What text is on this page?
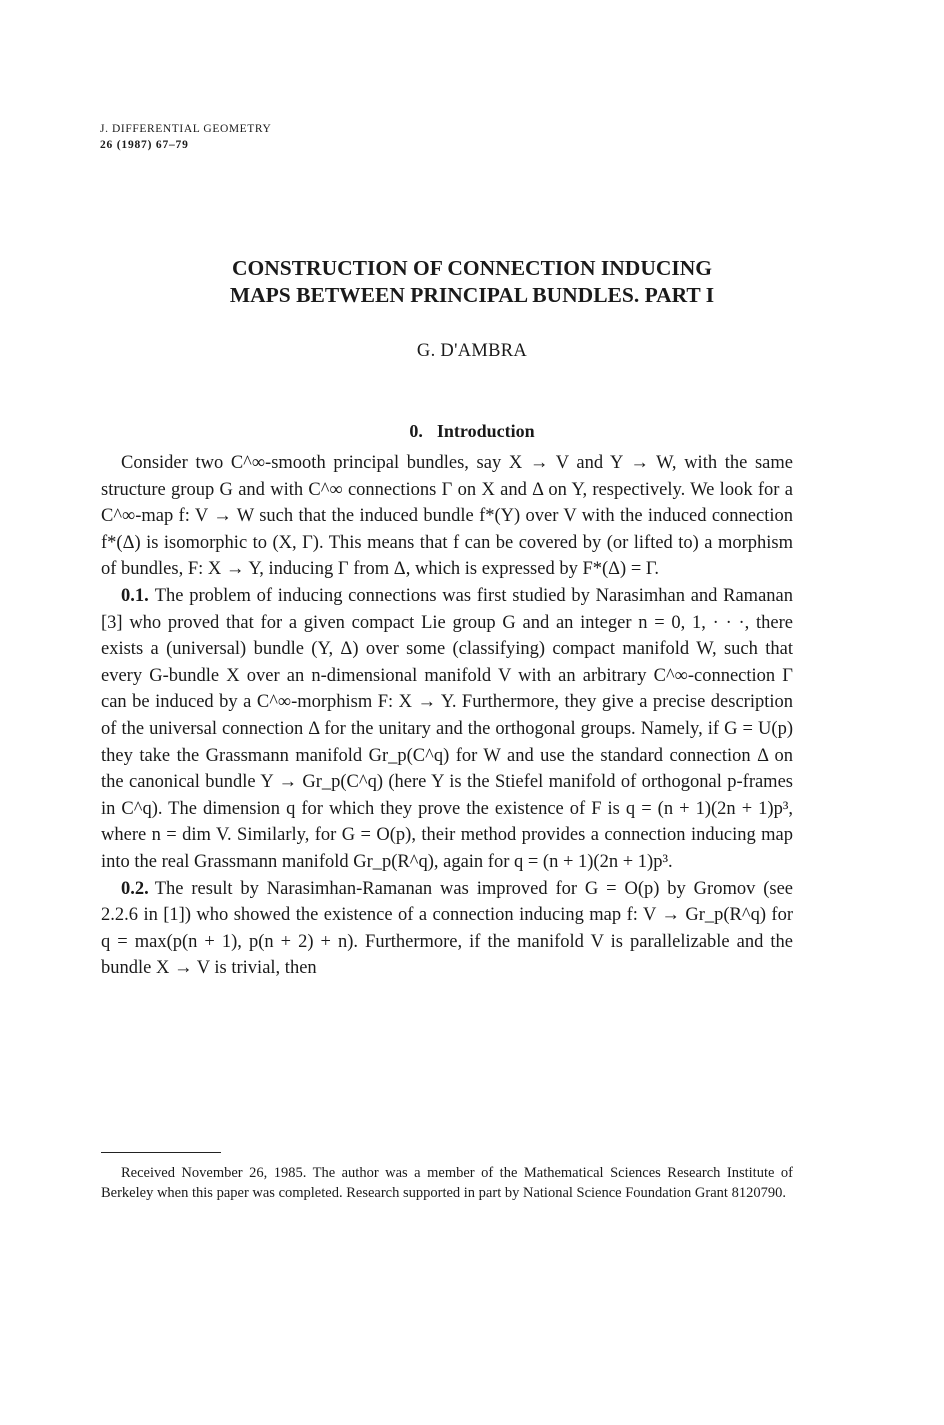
J. DIFFERENTIAL GEOMETRY
26 (1987) 67–79
CONSTRUCTION OF CONNECTION INDUCING
MAPS BETWEEN PRINCIPAL BUNDLES. PART I
G. D'AMBRA
0. Introduction

Consider two C^∞-smooth principal bundles, say X → V and Y → W, with the same structure group G and with C^∞ connections Γ on X and Δ on Y, respectively. We look for a C^∞-map f: V → W such that the induced bundle f*(Y) over V with the induced connection f*(Δ) is isomorphic to (X, Γ). This means that f can be covered by (or lifted to) a morphism of bundles, F: X → Y, inducing Γ from Δ, which is expressed by F*(Δ) = Γ.

0.1. The problem of inducing connections was first studied by Narasimhan and Ramanan [3] who proved that for a given compact Lie group G and an integer n = 0, 1, · · ·, there exists a (universal) bundle (Y, Δ) over some (classifying) compact manifold W, such that every G-bundle X over an n-dimensional manifold V with an arbitrary C^∞-connection Γ can be induced by a C^∞-morphism F: X → Y. Furthermore, they give a precise description of the universal connection Δ for the unitary and the orthogonal groups. Namely, if G = U(p) they take the Grassmann manifold Gr_p(C^q) for W and use the standard connection Δ on the canonical bundle Y → Gr_p(C^q) (here Y is the Stiefel manifold of orthogonal p-frames in C^q). The dimension q for which they prove the existence of F is q = (n + 1)(2n + 1)p³, where n = dim V. Similarly, for G = O(p), their method provides a connection inducing map into the real Grassmann manifold Gr_p(R^q), again for q = (n + 1)(2n + 1)p³.

0.2. The result by Narasimhan-Ramanan was improved for G = O(p) by Gromov (see 2.2.6 in [1]) who showed the existence of a connection inducing map f: V → Gr_p(R^q) for q = max(p(n + 1), p(n + 2) + n). Furthermore, if the manifold V is parallelizable and the bundle X → V is trivial, then

Received November 26, 1985. The author was a member of the Mathematical Sciences Research Institute of Berkeley when this paper was completed. Research supported in part by National Science Foundation Grant 8120790.
